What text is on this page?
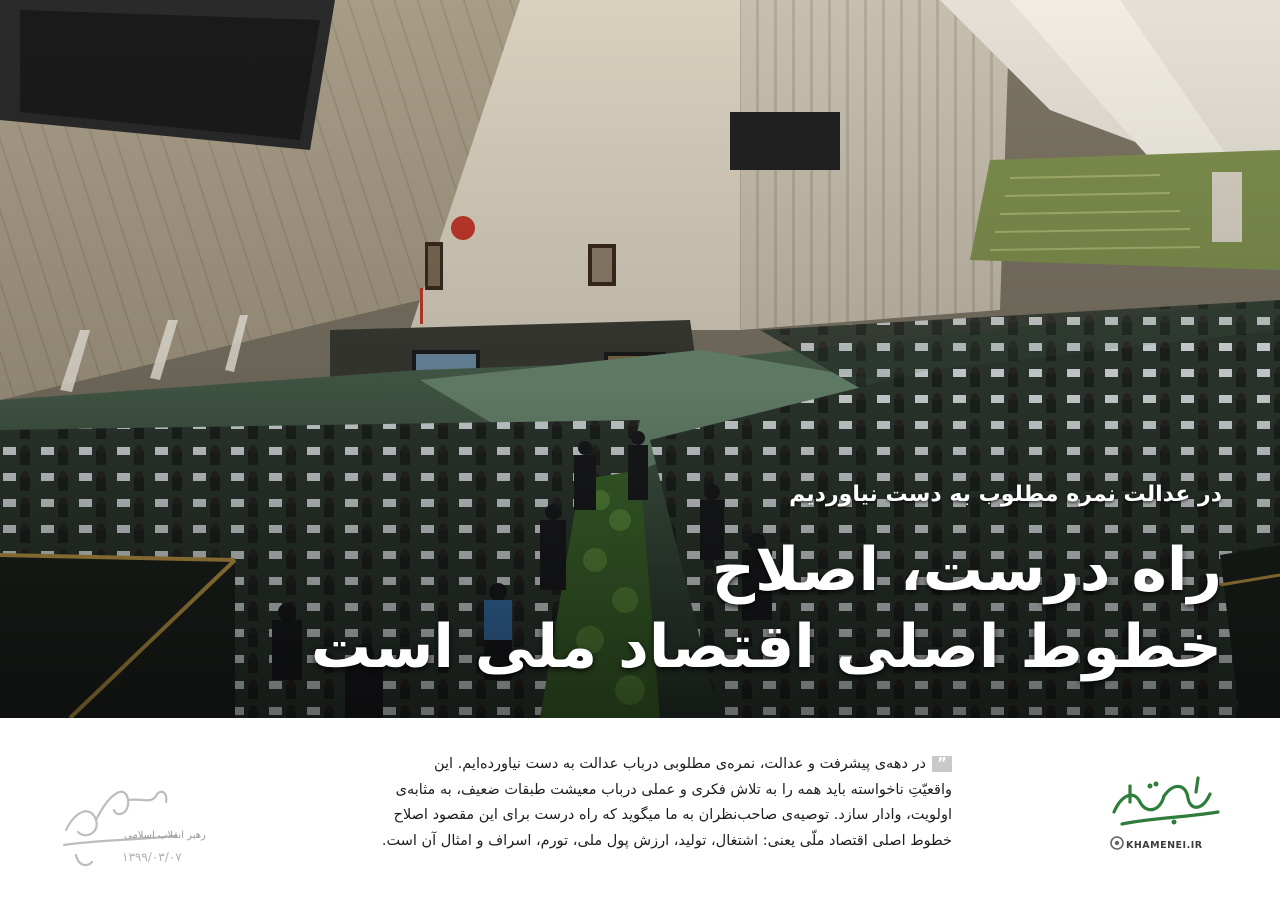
در عدالت نمره مطلوب به دست نیاوردیم

راه درست، اصلاح

خطوط اصلی اقتصاد ملی است

رهبر انقلاب اسلامی
۱۳۹۹/۰۳/۰۷
”در دهه‌ی پیشرفت و عدالت، نمره‌ی مطلوبی درباب عدالت به دست نیاورده‌ایم. این
واقعیّتِ ناخواسته باید همه را به تلاش فکری و عملی درباب معیشت طبقات ضعیف، به مثابه‌ی
اولویت، وادار سازد. توصیه‌ی صاحب‌نظران به ما میگوید که راه درست برای این مقصود اصلاح
خطوط اصلی اقتصاد ملّی یعنی: اشتغال، تولید، ارزش پول ملی، تورم، اسراف و امثال آن است.	KHAMENEI.IR
